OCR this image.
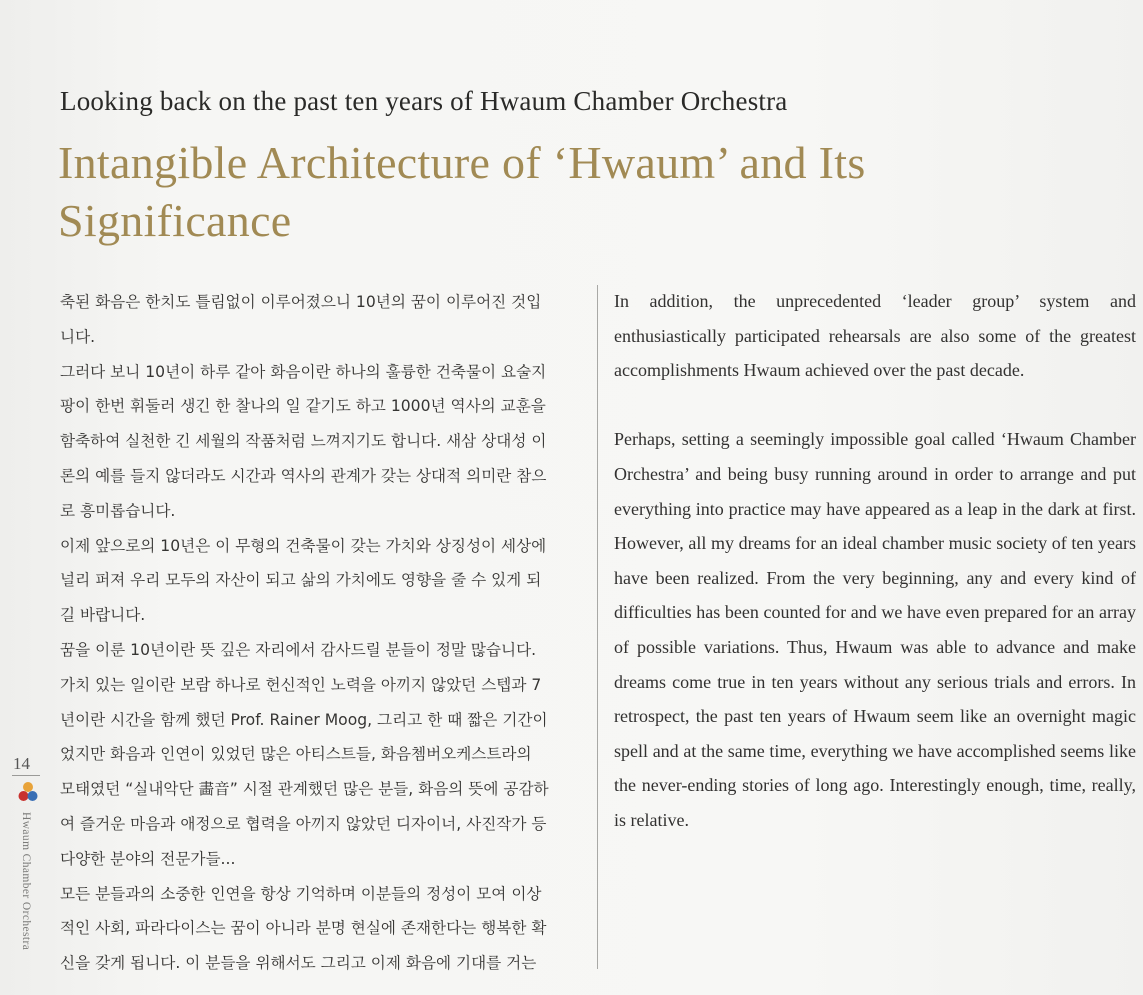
Looking back on the past ten years of Hwaum Chamber Orchestra
Intangible Architecture of ‘Hwaum’ and Its Significance

축된 화음은 한치도 틀림없이 이루어졌으니 10년의 꿈이 이루어진 것입
니다.

그러다 보니 10년이 하루 같아 화음이란 하나의 훌륭한 건축물이 요술지
팡이 한번 휘둘러 생긴 한 찰나의 일 같기도 하고 1000년 역사의 교훈을
함축하여 실천한 긴 세월의 작품처럼 느껴지기도 합니다. 새삼 상대성 이
론의 예를 들지 않더라도 시간과 역사의 관계가 갖는 상대적 의미란 참으
로 흥미롭습니다.

이제 앞으로의 10년은 이 무형의 건축물이 갖는 가치와 상징성이 세상에
널리 퍼져 우리 모두의 자산이 되고 삶의 가치에도 영향을 줄 수 있게 되
길 바랍니다.

꿈을 이룬 10년이란 뜻 깊은 자리에서 감사드릴 분들이 정말 많습니다.
가치 있는 일이란 보람 하나로 헌신적인 노력을 아끼지 않았던 스텝과 7
년이란 시간을 함께 했던 Prof. Rainer Moog, 그리고 한 때 짧은 기간이
었지만 화음과 인연이 있었던 많은 아티스트들, 화음쳄버오케스트라의
모태였던 “실내악단 畵音” 시절 관계했던 많은 분들, 화음의 뜻에 공감하
여 즐거운 마음과 애정으로 협력을 아끼지 않았던 디자이너, 사진작가 등
다양한 분야의 전문가들...

모든 분들과의 소중한 인연을 항상 기억하며 이분들의 정성이 모여 이상
적인 사회, 파라다이스는 꿈이 아니라 분명 현실에 존재한다는 행복한 확
신을 갖게 됩니다. 이 분들을 위해서도 그리고 이제 화음에 기대를 거는

In addition, the unprecedented ‘leader group’ system and enthusiastically participated rehearsals are also some of the greatest accomplishments Hwaum achieved over the past decade.

Perhaps, setting a seemingly impossible goal called ‘Hwaum Chamber Orchestra’ and being busy running around in order to arrange and put everything into practice may have appeared as a leap in the dark at first. However, all my dreams for an ideal chamber music society of ten years have been realized. From the very beginning, any and every kind of difficulties has been counted for and we have even prepared for an array of possible variations. Thus, Hwaum was able to advance and make dreams come true in ten years without any serious trials and errors. In retrospect, the past ten years of Hwaum seem like an overnight magic spell and at the same time, everything we have accomplished seems like the never-ending stories of long ago. Interestingly enough, time, really, is relative.

14
Hwaum Chamber Orchestra
